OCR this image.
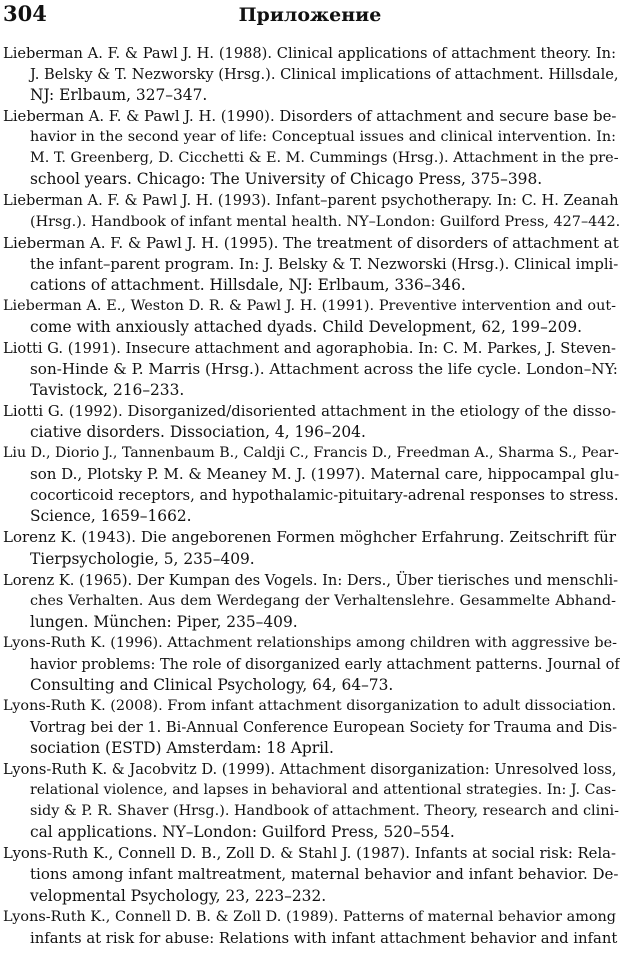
304	Приложение
Lieberman A. F. & Pawl J. H. (1988). Clinical applications of attachment theory. In:
J. Belsky & T. Nezworsky (Hrsg.). Clinical implications of attachment. Hillsdale,
NJ: Erlbaum, 327–347.
Lieberman A. F. & Pawl J. H. (1990). Disorders of attachment and secure base be-
havior in the second year of life: Conceptual issues and clinical intervention. In:
M. T. Greenberg, D. Cicchetti & E. M. Cummings (Hrsg.). Attachment in the pre-
school years. Chicago: The University of Chicago Press, 375–398.
Lieberman A. F. & Pawl J. H. (1993). Infant–parent psychotherapy. In: C. H. Zeanah
(Hrsg.). Handbook of infant mental health. NY–London: Guilford Press, 427–442.
Lieberman A. F. & Pawl J. H. (1995). The treatment of disorders of attachment at
the infant–parent program. In: J. Belsky & T. Nezworski (Hrsg.). Clinical impli-
cations of attachment. Hillsdale, NJ: Erlbaum, 336–346.
Lieberman A. E., Weston D. R. & Pawl J. H. (1991). Preventive intervention and out-
come with anxiously attached dyads. Child Development, 62, 199–209.
Liotti G. (1991). Insecure attachment and agoraphobia. In: C. M. Parkes, J. Steven-
son-Hinde & P. Marris (Hrsg.). Attachment across the life cycle. London–NY:
Tavistock, 216–233.
Liotti G. (1992). Disorganized/disoriented attachment in the etiology of the disso-
ciative disorders. Dissociation, 4, 196–204.
Liu D., Diorio J., Tannenbaum B., Caldji C., Francis D., Freedman A., Sharma S., Pear-
son D., Plotsky P. M. & Meaney M. J. (1997). Maternal care, hippocampal glu-
cocorticoid receptors, and hypothalamic-pituitary-adrenal responses to stress.
Science, 1659–1662.
Lorenz K. (1943). Die angeborenen Formen möghcher Erfahrung. Zeitschrift für
Tierpsychologie, 5, 235–409.
Lorenz K. (1965). Der Kumpan des Vogels. In: Ders., Über tierisches und menschli-
ches Verhalten. Aus dem Werdegang der Verhaltenslehre. Gesammelte Abhand-
lungen. München: Piper, 235–409.
Lyons-Ruth K. (1996). Attachment relationships among children with aggressive be-
havior problems: The role of disorganized early attachment patterns. Journal of
Consulting and Clinical Psychology, 64, 64–73.
Lyons-Ruth K. (2008). From infant attachment disorganization to adult dissociation.
Vortrag bei der 1. Bi-Annual Conference European Society for Trauma and Dis-
sociation (ESTD) Amsterdam: 18 April.
Lyons-Ruth K. & Jacobvitz D. (1999). Attachment disorganization: Unresolved loss,
relational violence, and lapses in behavioral and attentional strategies. In: J. Cas-
sidy & P. R. Shaver (Hrsg.). Handbook of attachment. Theory, research and clini-
cal applications. NY–London: Guilford Press, 520–554.
Lyons-Ruth K., Connell D. B., Zoll D. & Stahl J. (1987). Infants at social risk: Rela-
tions among infant maltreatment, maternal behavior and infant behavior. De-
velopmental Psychology, 23, 223–232.
Lyons-Ruth K., Connell D. B. & Zoll D. (1989). Patterns of maternal behavior among
infants at risk for abuse: Relations with infant attachment behavior and infant
